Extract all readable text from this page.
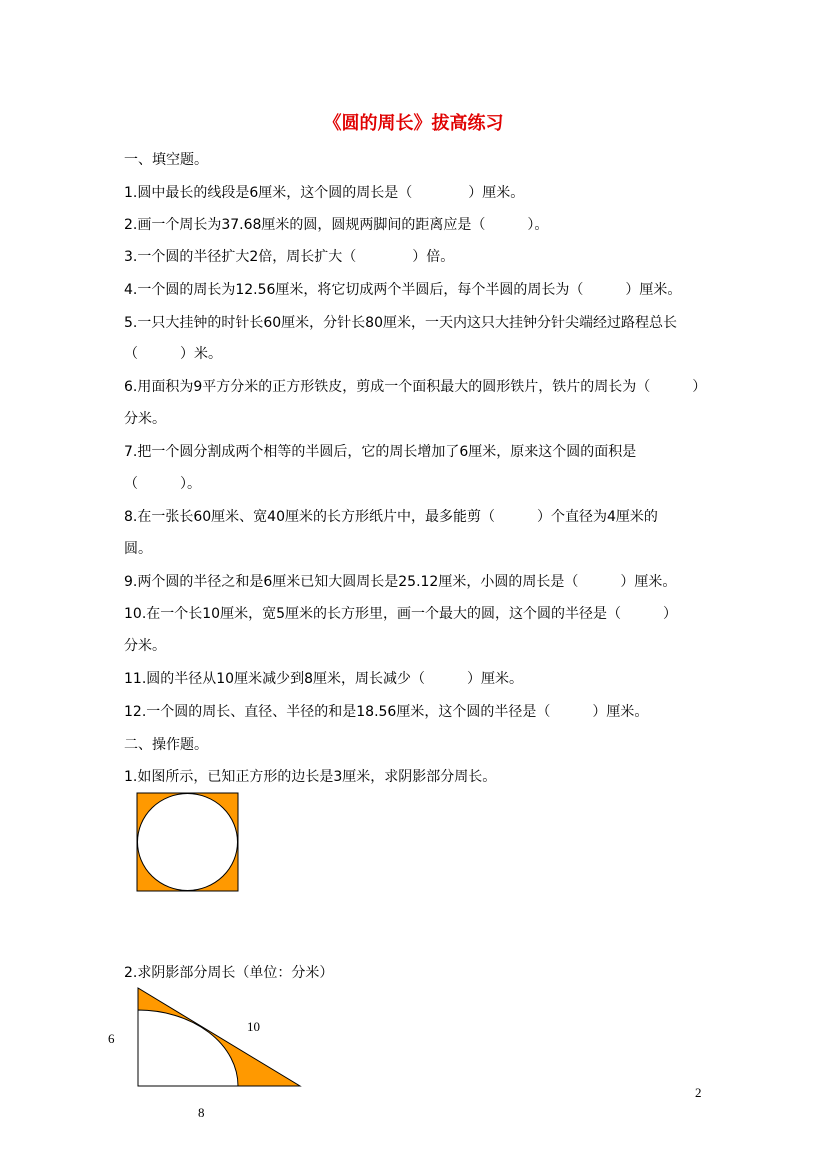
《圆的周长》拔高练习
一、填空题。
1.圆中最长的线段是6厘米，这个圆的周长是（　　　　）厘米。
2.画一个周长为37.68厘米的圆，圆规两脚间的距离应是（　　　）。
3.一个圆的半径扩大2倍，周长扩大（　　　　）倍。
4.一个圆的周长为12.56厘米，将它切成两个半圆后，每个半圆的周长为（　　　）厘米。
5.一只大挂钟的时针长60厘米，分针长80厘米，一天内这只大挂钟分针尖端经过路程总长
（　　　）米。
6.用面积为9平方分米的正方形铁皮，剪成一个面积最大的圆形铁片，铁片的周长为（　　　）
分米。
7.把一个圆分割成两个相等的半圆后，它的周长增加了6厘米，原来这个圆的面积是
（　　　）。
8.在一张长60厘米、宽40厘米的长方形纸片中，最多能剪（　　　）个直径为4厘米的
圆。
9.两个圆的半径之和是6厘米已知大圆周长是25.12厘米，小圆的周长是（　　　）厘米。
10.在一个长10厘米，宽5厘米的长方形里，画一个最大的圆，这个圆的半径是（　　　）
分米。
11.圆的半径从10厘米减少到8厘米，周长减少（　　　）厘米。
12.一个圆的周长、直径、半径的和是18.56厘米，这个圆的半径是（　　　）厘米。
二、操作题。
1.如图所示，已知正方形的边长是3厘米，求阴影部分周长。
2.求阴影部分周长（单位：分米）
6
10
8
2
